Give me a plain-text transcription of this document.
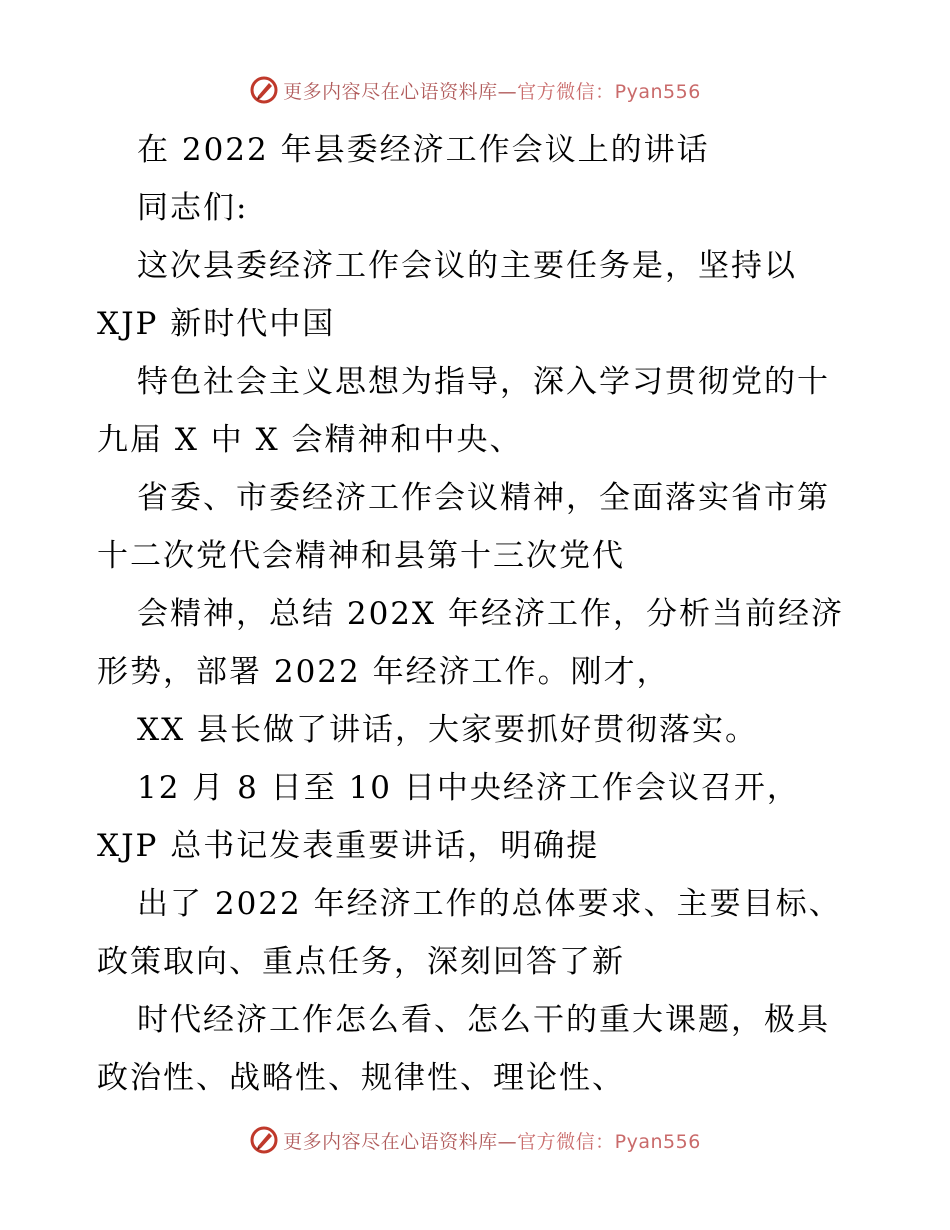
更多内容尽在心语资料库—官方微信：Pyan556
在 2022 年县委经济工作会议上的讲话
同志们:
这次县委经济工作会议的主要任务是，坚持以
XJP 新时代中国
特色社会主义思想为指导，深入学习贯彻党的十
九届 X 中 X 会精神和中央、
省委、市委经济工作会议精神，全面落实省市第
十二次党代会精神和县第十三次党代
会精神，总结 202X 年经济工作，分析当前经济
形势，部署 2022 年经济工作。刚才，
XX 县长做了讲话，大家要抓好贯彻落实。
12 月 8 日至 10 日中央经济工作会议召开，
XJP 总书记发表重要讲话，明确提
出了 2022 年经济工作的总体要求、主要目标、
政策取向、重点任务，深刻回答了新
时代经济工作怎么看、怎么干的重大课题，极具
政治性、战略性、规律性、理论性、
更多内容尽在心语资料库—官方微信：Pyan556
